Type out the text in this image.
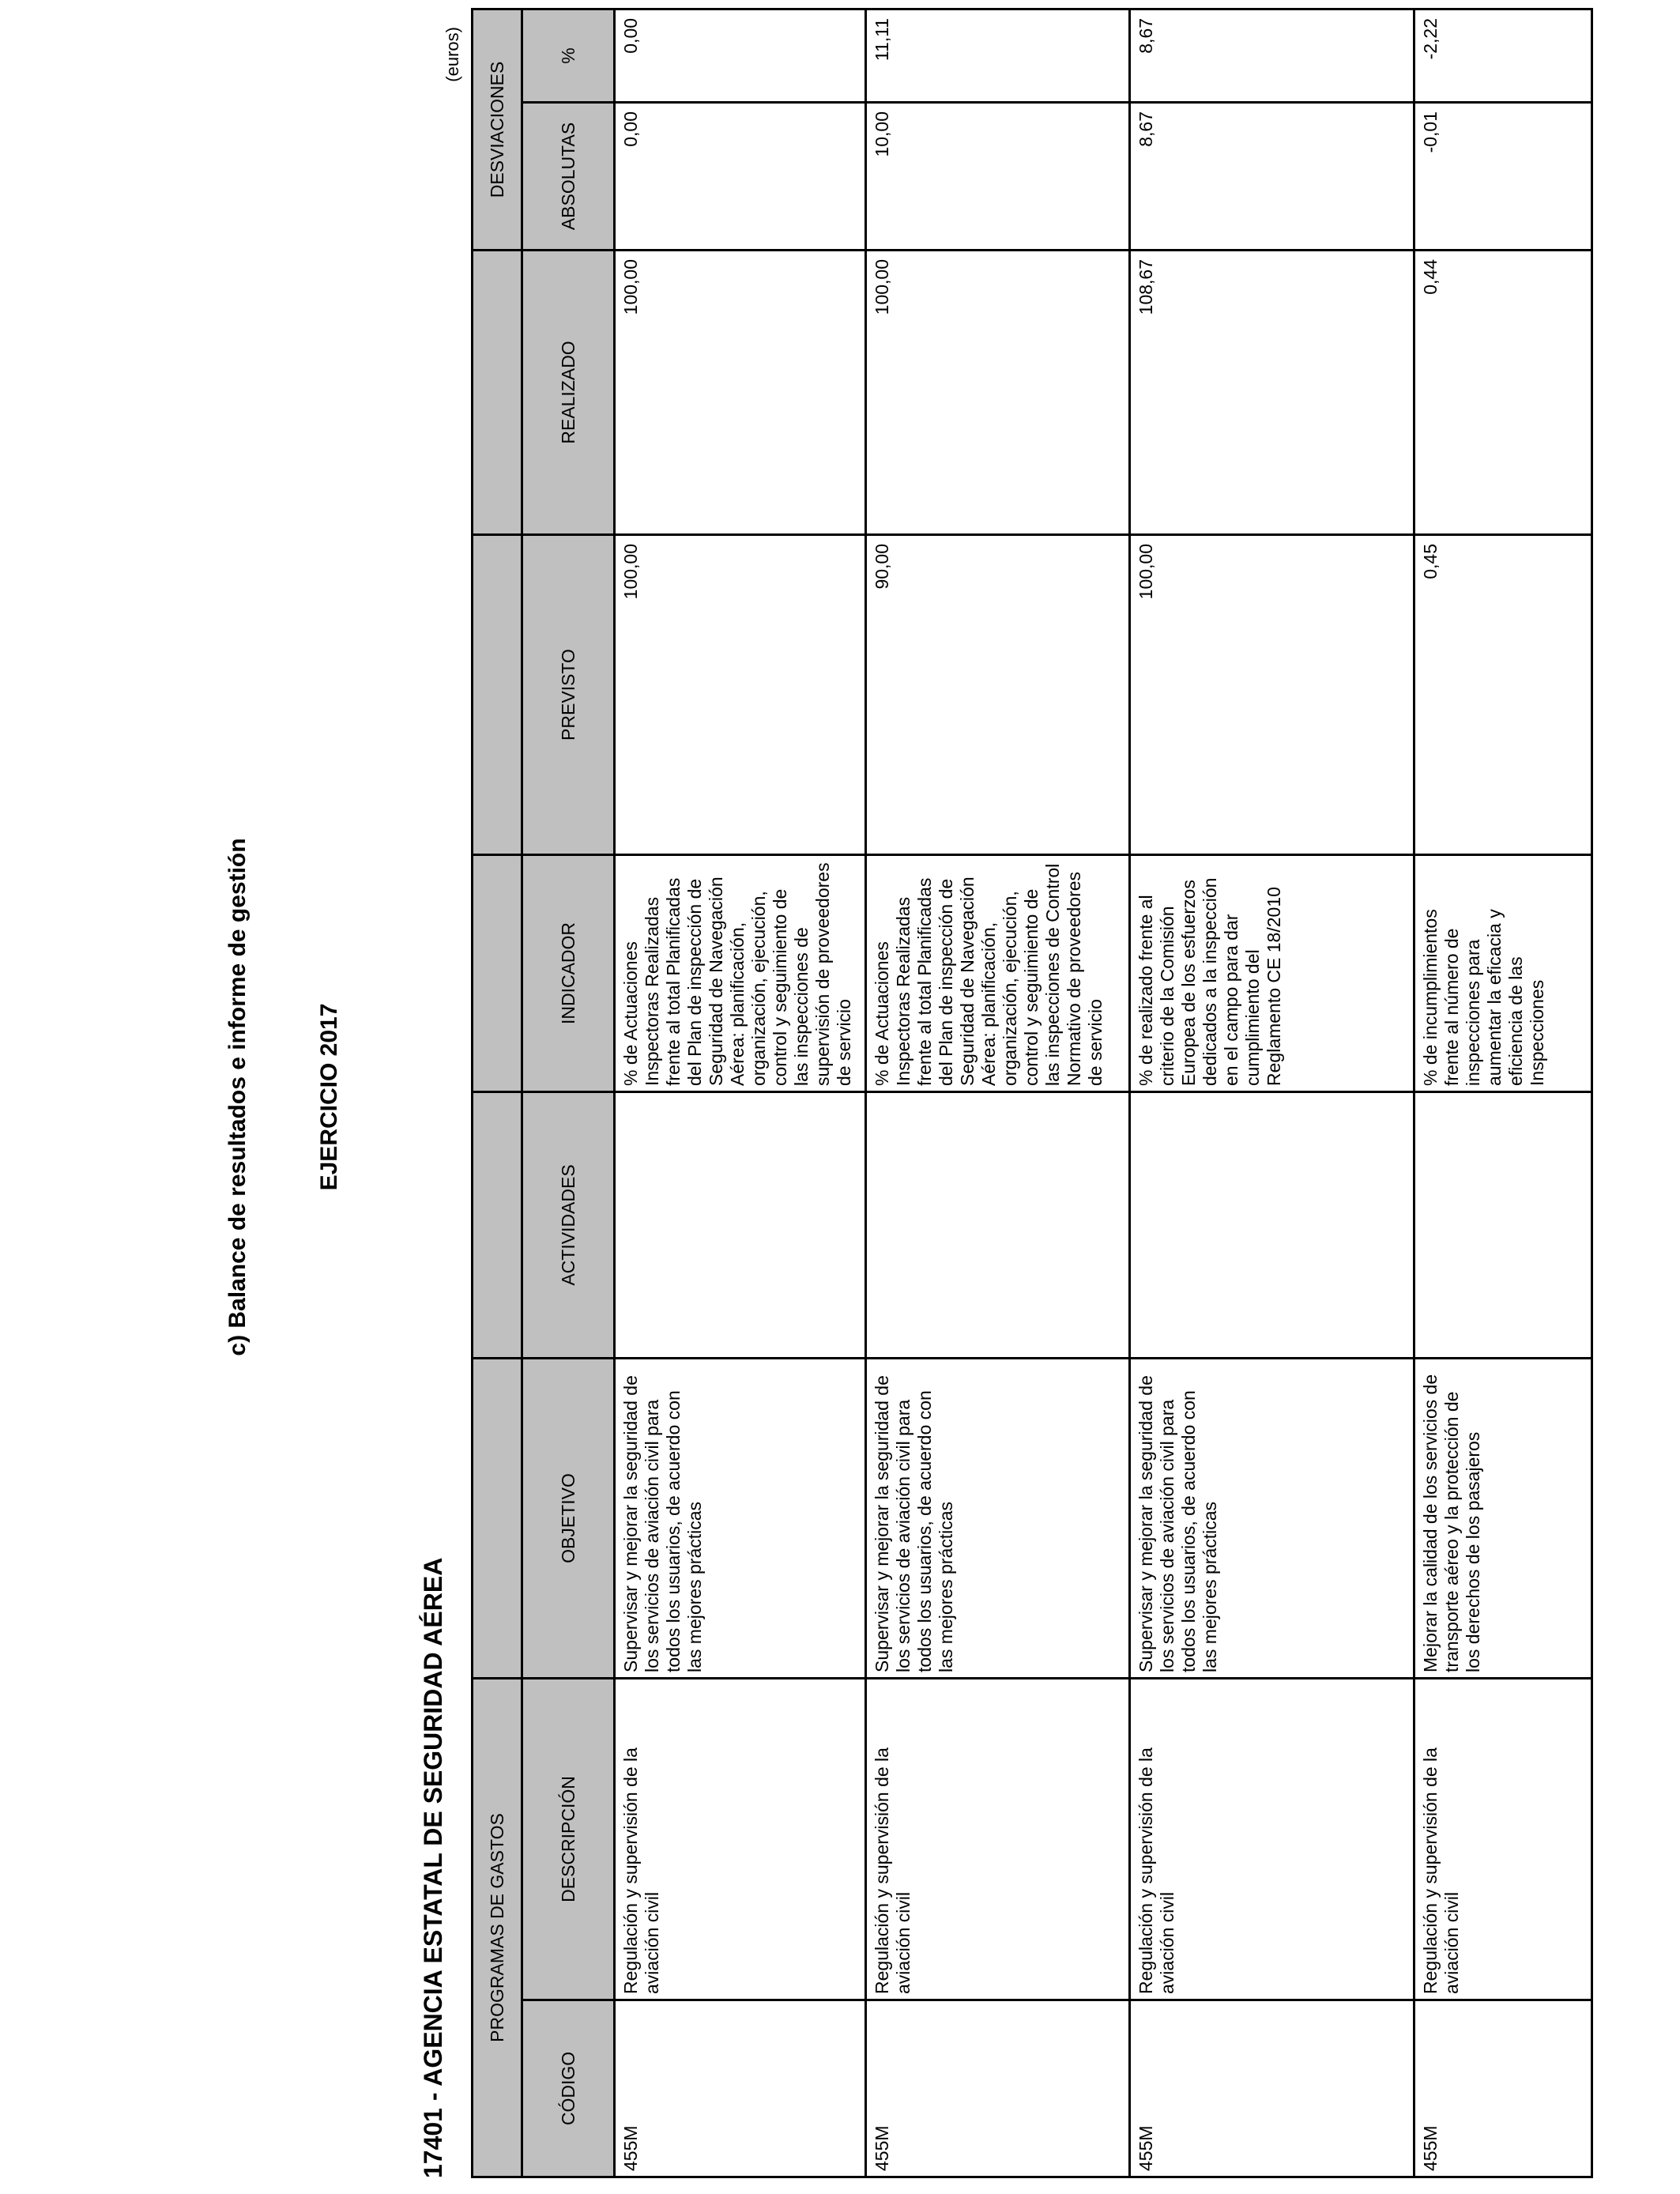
c) Balance de resultados e informe de gestión	EJERCICIO 2017
17401 - AGENCIA ESTATAL DE SEGURIDAD AÉREA
(euros)
PROGRAMAS DE GASTOS							DESVIACIONES	
CÓDIGO	DESCRIPCIÓN	OBJETIVO	ACTIVIDADES	INDICADOR	PREVISTO	REALIZADO	ABSOLUTAS	%
455M	Regulación y supervisión de la aviación civil	Supervisar y mejorar la seguridad de los servicios de aviación civil para todos los usuarios, de acuerdo con las mejores prácticas		% de Actuaciones Inspectoras Realizadas frente al total Planificadas del Plan de inspección de Seguridad de Navegación Aérea: planificación, organización, ejecución, control y seguimiento de las inspecciones de supervisión de proveedores de servicio	100,00	100,00	0,00	0,00
455M	Regulación y supervisión de la aviación civil	Supervisar y mejorar la seguridad de los servicios de aviación civil para todos los usuarios, de acuerdo con las mejores prácticas		% de Actuaciones Inspectoras Realizadas frente al total Planificadas del Plan de inspección de Seguridad de Navegación Aérea: planificación, organización, ejecución, control y seguimiento de las inspecciones de Control Normativo de proveedores de servicio	90,00	100,00	10,00	11,11
455M	Regulación y supervisión de la aviación civil	Supervisar y mejorar la seguridad de los servicios de aviación civil para todos los usuarios, de acuerdo con las mejores prácticas		% de realizado frente al criterio de la Comisión Europea de los esfuerzos dedicados a la inspección en el campo para dar cumplimiento del Reglamento CE 18/2010	100,00	108,67	8,67	8,67
455M	Regulación y supervisión de la aviación civil	Mejorar la calidad de los servicios de transporte aéreo y la protección de los derechos de los pasajeros		% de incumplimientos frente al número de inspecciones para aumentar la eficacia y eficiencia de las Inspecciones	0,45	0,44	-0,01	-2,22
